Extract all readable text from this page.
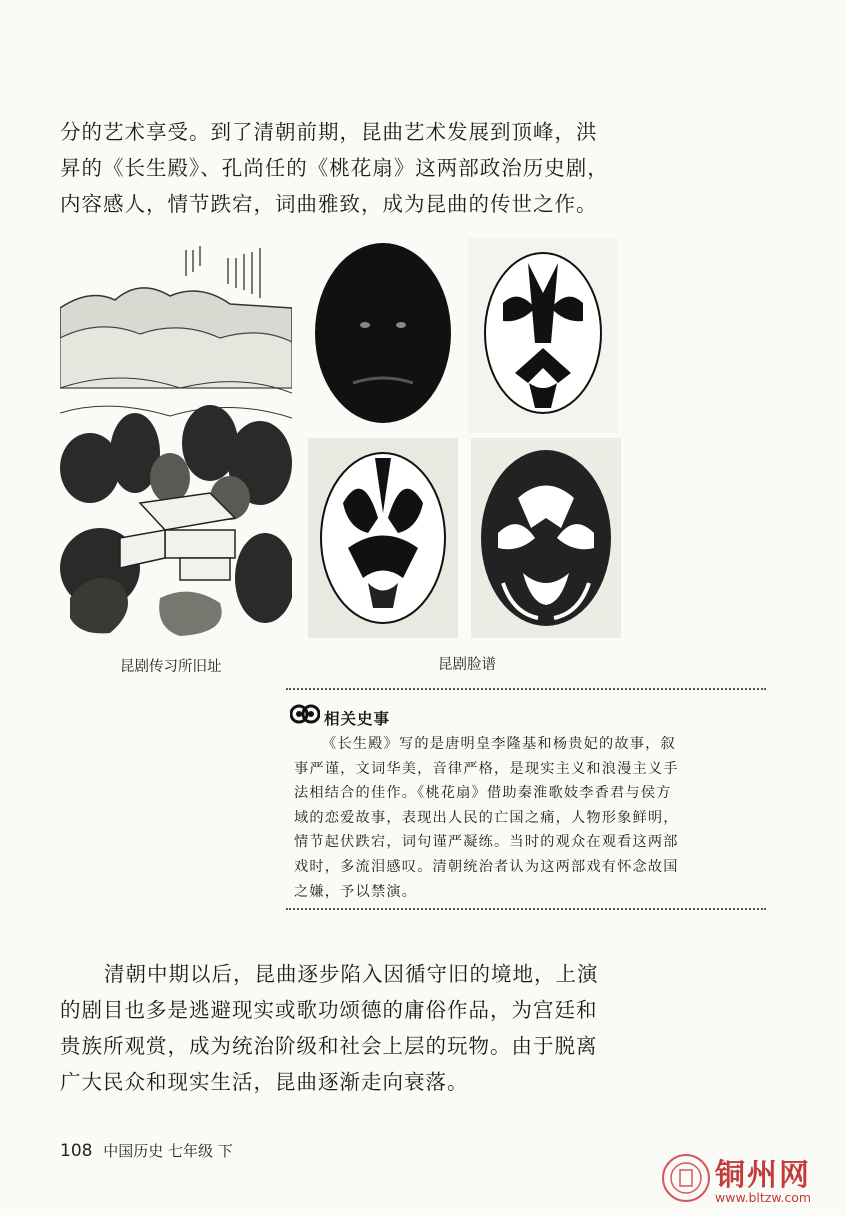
分的艺术享受。到了清朝前期，昆曲艺术发展到顶峰，洪
昇的《长生殿》、孔尚任的《桃花扇》这两部政治历史剧，
内容感人，情节跌宕，词曲雅致，成为昆曲的传世之作。
昆剧传习所旧址	昆剧脸谱
相关史事
《长生殿》写的是唐明皇李隆基和杨贵妃的故事，叙
事严谨，文词华美，音律严格，是现实主义和浪漫主义手
法相结合的佳作。《桃花扇》借助秦淮歌妓李香君与侯方
域的恋爱故事，表现出人民的亡国之痛，人物形象鲜明，
情节起伏跌宕，词句谨严凝练。当时的观众在观看这两部
戏时，多流泪感叹。清朝统治者认为这两部戏有怀念故国
之嫌，予以禁演。
清朝中期以后，昆曲逐步陷入因循守旧的境地，上演
的剧目也多是逃避现实或歌功颂德的庸俗作品，为宫廷和
贵族所观赏，成为统治阶级和社会上层的玩物。由于脱离
广大民众和现实生活，昆曲逐渐走向衰落。
108 中国历史 七年级 下
铜州网
www.bltzw.com
